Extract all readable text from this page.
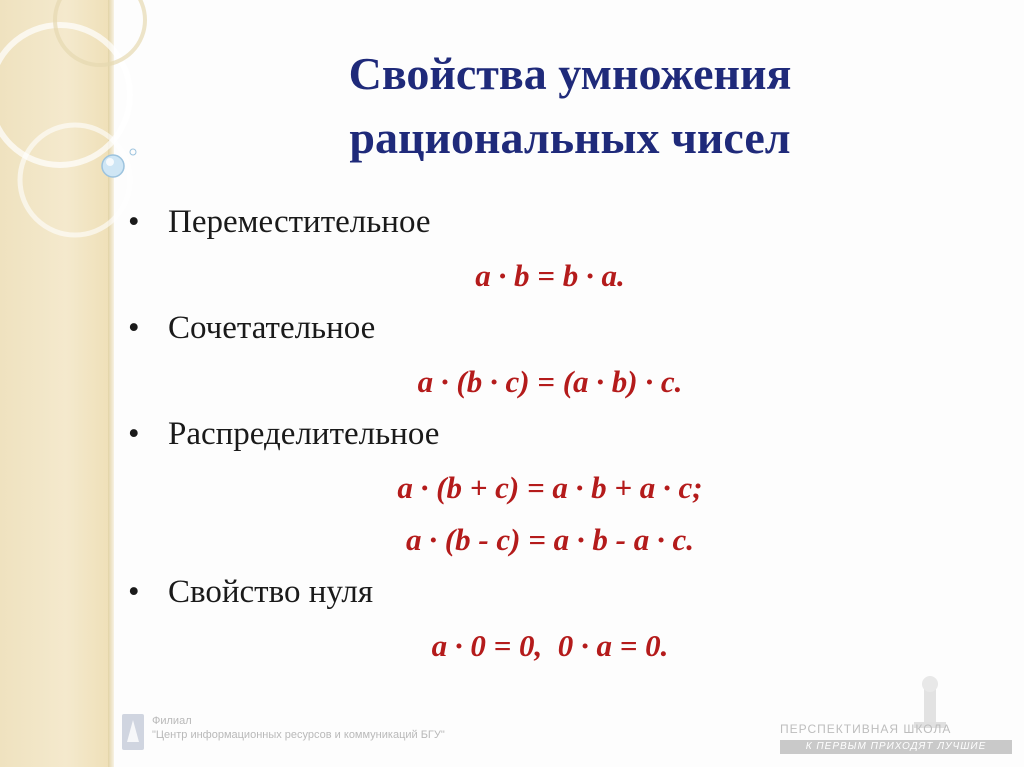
Свойства умножения
рациональных чисел
• Переместительное
a · b = b · a.
• Сочетательное
a · (b · c) = (a · b) · c.
• Распределительное
a · (b + c) = a · b + a · c;
a · (b - c) = a · b - a · c.
• Свойство нуля
a · 0 = 0,  0 · a = 0.
Филиал
"Центр информационных ресурсов и коммуникаций БГУ"	ПЕРСПЕКТИВНАЯ ШКОЛА
К ПЕРВЫМ ПРИХОДЯТ ЛУЧШИЕ
